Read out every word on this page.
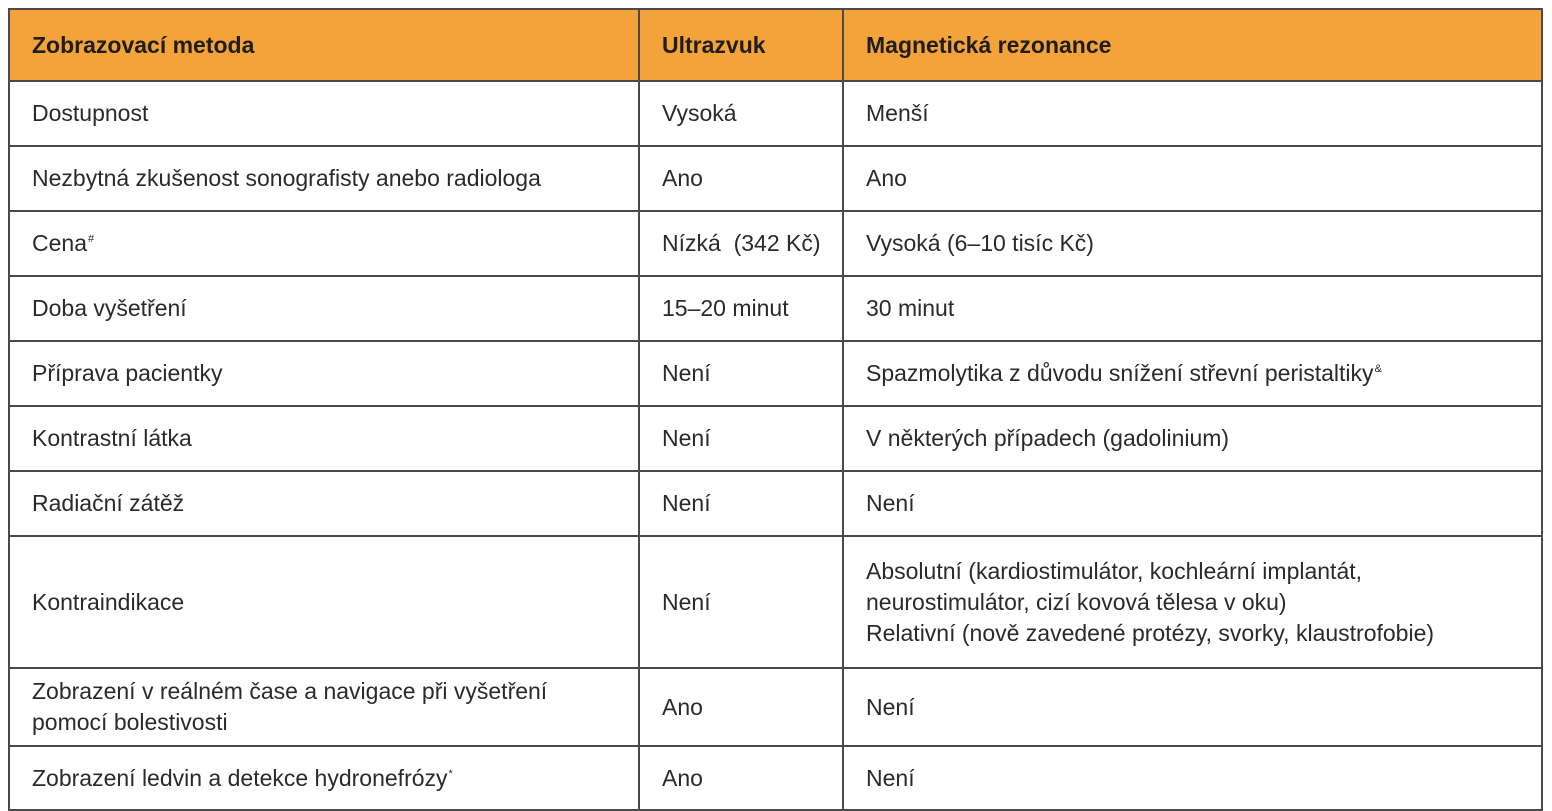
Zobrazovací metoda	Ultrazvuk	Magnetická rezonance
Dostupnost	Vysoká	Menší
Nezbytná zkušenost sonografisty anebo radiologa	Ano	Ano
Cena#	Nízká  (342 Kč)	Vysoká (6–10 tisíc Kč)
Doba vyšetření	15–20 minut	30 minut
Příprava pacientky	Není	Spazmolytika z důvodu snížení střevní peristaltiky&
Kontrastní látka	Není	V některých případech (gadolinium)
Radiační zátěž	Není	Není
Kontraindikace	Není	Absolutní (kardiostimulátor, kochleární implantát,
neurostimulátor, cizí kovová tělesa v oku)
Relativní (nově zavedené protézy, svorky, klaustrofobie)

Zobrazení v reálném čase a navigace při vyšetření
pomocí bolestivosti	Ano	Není
Zobrazení ledvin a detekce hydronefrózy*	Ano	Není
